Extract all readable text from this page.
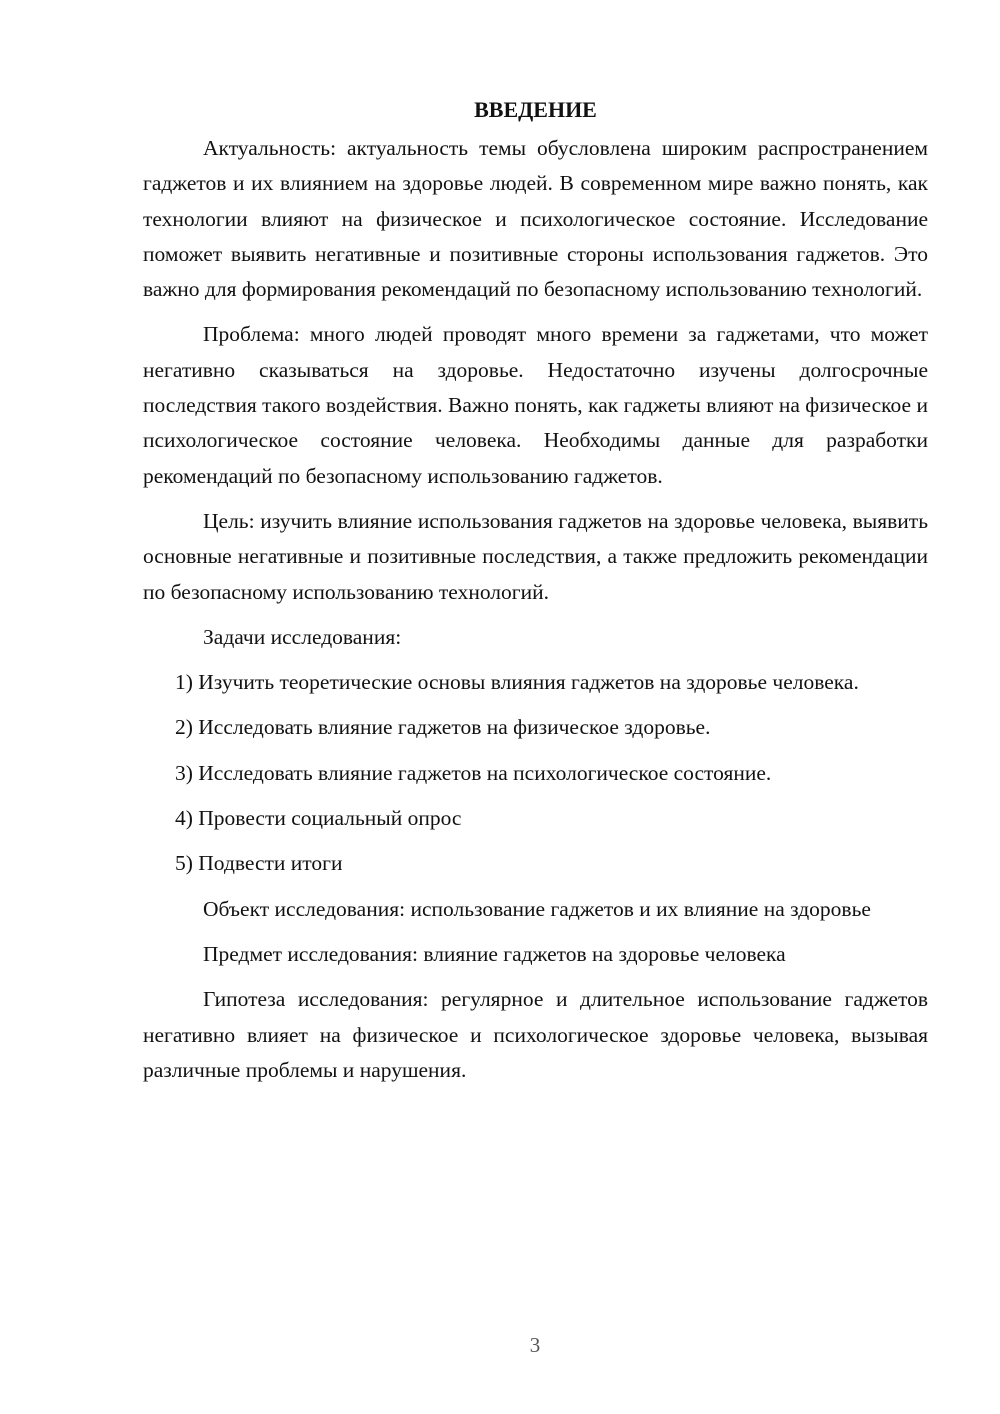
ВВЕДЕНИЕ

Актуальность: актуальность темы обусловлена широким распространением гаджетов и их влиянием на здоровье людей. В современном мире важно понять, как технологии влияют на физическое и психологическое состояние. Исследование поможет выявить негативные и позитивные стороны использования гаджетов. Это важно для формирования рекомендаций по безопасному использованию технологий.

Проблема: много людей проводят много времени за гаджетами, что может негативно сказываться на здоровье. Недостаточно изучены долгосрочные последствия такого воздействия. Важно понять, как гаджеты влияют на физическое и психологическое состояние человека. Необходимы данные для разработки рекомендаций по безопасному использованию гаджетов.

Цель: изучить влияние использования гаджетов на здоровье человека, выявить основные негативные и позитивные последствия, а также предложить рекомендации по безопасному использованию технологий.

Задачи исследования:

1) Изучить теоретические основы влияния гаджетов на здоровье человека.

2) Исследовать влияние гаджетов на физическое здоровье.

3) Исследовать влияние гаджетов на психологическое состояние.

4) Провести социальный опрос

5) Подвести итоги

Объект исследования: использование гаджетов и их влияние на здоровье

Предмет исследования: влияние гаджетов на здоровье человека

Гипотеза исследования: регулярное и длительное использование гаджетов негативно влияет на физическое и психологическое здоровье человека, вызывая различные проблемы и нарушения.

3
